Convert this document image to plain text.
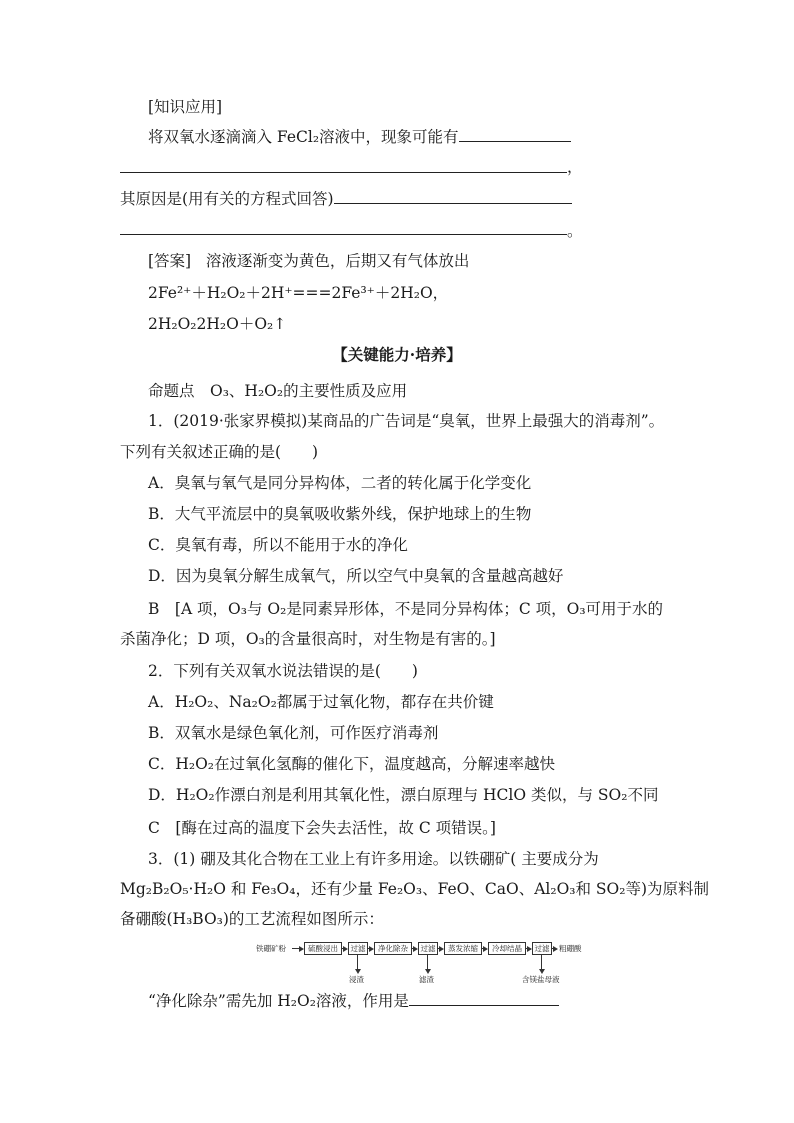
[知识应用]
将双氧水逐滴滴入 FeCl₂溶液中，现象可能有
，
其原因是(用有关的方程式回答)
。
[答案] 溶液逐渐变为黄色，后期又有气体放出
2Fe²⁺＋H₂O₂＋2H⁺===2Fe³⁺＋2H₂O，
2H₂O₂2H₂O＋O₂↑
【关键能力·培养】
命题点　O₃、H₂O₂的主要性质及应用
1．(2019·张家界模拟)某商品的广告词是“臭氧，世界上最强大的消毒剂”。
下列有关叙述正确的是(　　)
A．臭氧与氧气是同分异构体，二者的转化属于化学变化
B．大气平流层中的臭氧吸收紫外线，保护地球上的生物
C．臭氧有毒，所以不能用于水的净化
D．因为臭氧分解生成氧气，所以空气中臭氧的含量越高越好
B　[A 项，O₃与 O₂是同素异形体，不是同分异构体；C 项，O₃可用于水的
杀菌净化；D 项，O₃的含量很高时，对生物是有害的。]
2．下列有关双氧水说法错误的是(　　)
A．H₂O₂、Na₂O₂都属于过氧化物，都存在共价键
B．双氧水是绿色氧化剂，可作医疗消毒剂
C．H₂O₂在过氧化氢酶的催化下，温度越高，分解速率越快
D．H₂O₂作漂白剂是利用其氧化性，漂白原理与 HClO 类似，与 SO₂不同
C　[酶在过高的温度下会失去活性，故 C 项错误。]
3．(1) 硼及其化合物在工业上有许多用途。以铁硼矿( 主要成分为
Mg₂B₂O₅·H₂O 和 Fe₃O₄，还有少量 Fe₂O₃、FeO、CaO、Al₂O₃和 SO₂等)为原料制
备硼酸(H₃BO₃)的工艺流程如图所示：
铁硼矿粉	硫酸浸出	过滤	净化除杂	过滤	蒸发浓缩	冷却结晶	过滤	粗硼酸
浸渣	滤渣	含镁盐母液
“净化除杂”需先加 H₂O₂溶液，作用是
